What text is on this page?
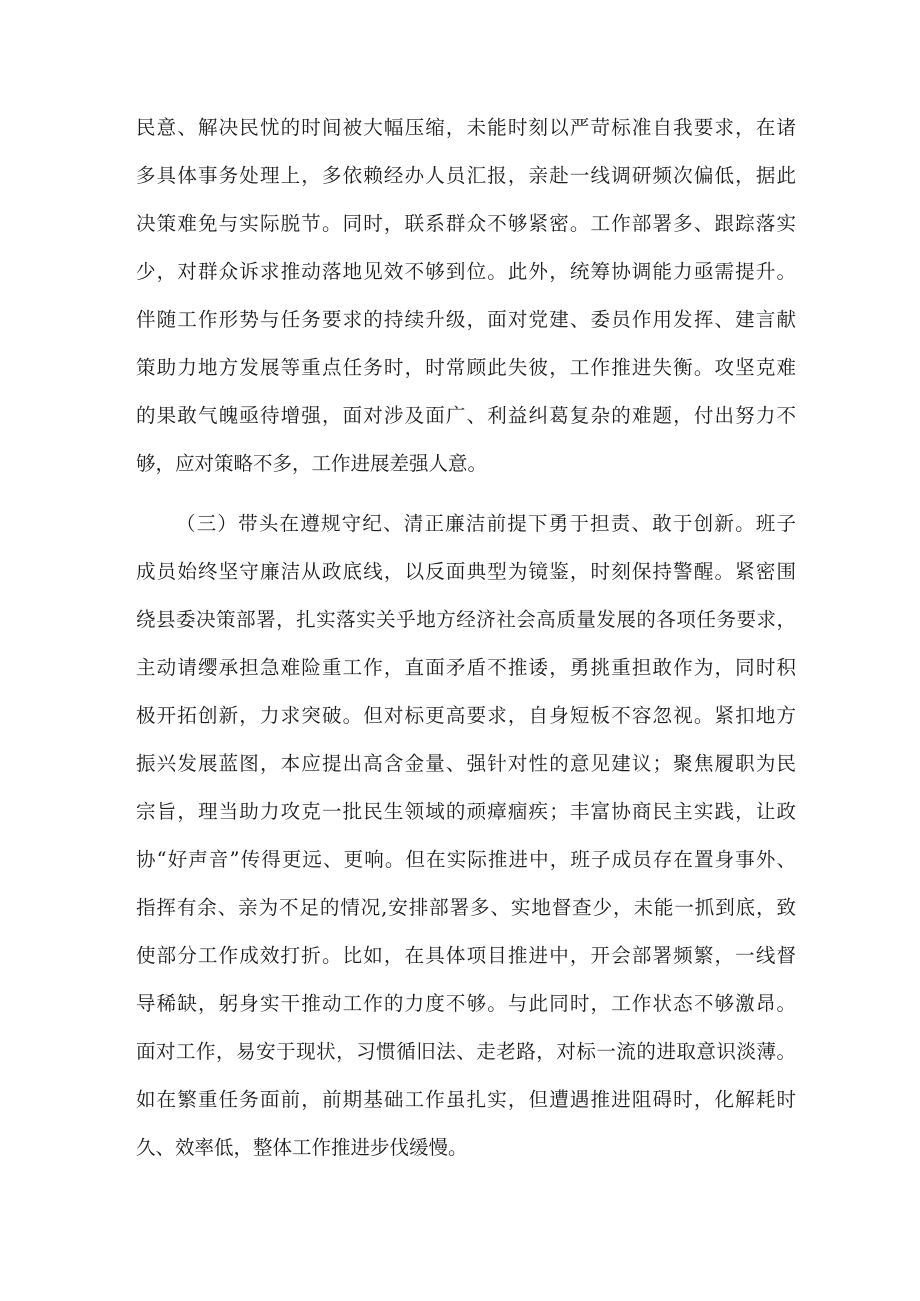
民意、解决民忧的时间被大幅压缩，未能时刻以严苛标准自我要求，在诸
多具体事务处理上，多依赖经办人员汇报，亲赴一线调研频次偏低，据此
决策难免与实际脱节。同时，联系群众不够紧密。工作部署多、跟踪落实
少，对群众诉求推动落地见效不够到位。此外，统筹协调能力亟需提升。
伴随工作形势与任务要求的持续升级，面对党建、委员作用发挥、建言献
策助力地方发展等重点任务时，时常顾此失彼，工作推进失衡。攻坚克难
的果敢气魄亟待增强，面对涉及面广、利益纠葛复杂的难题，付出努力不
够，应对策略不多，工作进展差强人意。
（三）带头在遵规守纪、清正廉洁前提下勇于担责、敢于创新。班子
成员始终坚守廉洁从政底线，以反面典型为镜鉴，时刻保持警醒。紧密围
绕县委决策部署，扎实落实关乎地方经济社会高质量发展的各项任务要求，
主动请缨承担急难险重工作，直面矛盾不推诿，勇挑重担敢作为，同时积
极开拓创新，力求突破。但对标更高要求，自身短板不容忽视。紧扣地方
振兴发展蓝图，本应提出高含金量、强针对性的意见建议；聚焦履职为民
宗旨，理当助力攻克一批民生领域的顽瘴痼疾；丰富协商民主实践，让政
协“好声音”传得更远、更响。但在实际推进中，班子成员存在置身事外、
指挥有余、亲为不足的情况,安排部署多、实地督查少，未能一抓到底，致
使部分工作成效打折。比如，在具体项目推进中，开会部署频繁，一线督
导稀缺，躬身实干推动工作的力度不够。与此同时，工作状态不够激昂。
面对工作，易安于现状，习惯循旧法、走老路，对标一流的进取意识淡薄。
如在繁重任务面前，前期基础工作虽扎实，但遭遇推进阻碍时，化解耗时
久、效率低，整体工作推进步伐缓慢。
